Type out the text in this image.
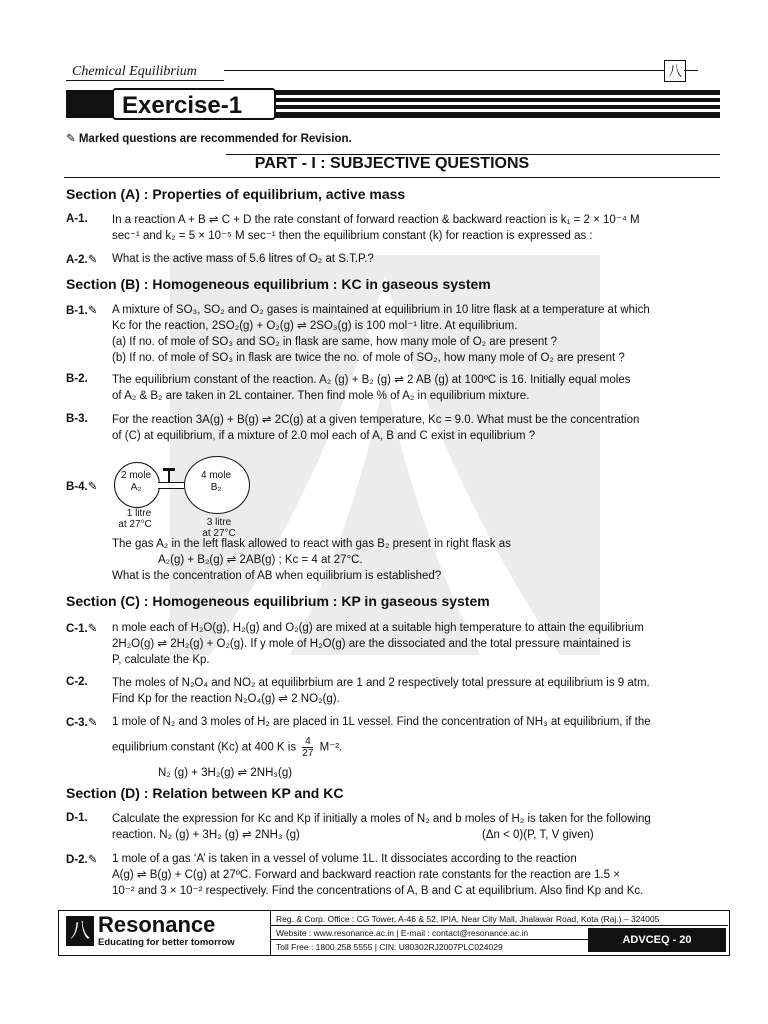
Chemical Equilibrium	八
Exercise-1
✎ Marked questions are recommended for Revision.
PART - I : SUBJECTIVE QUESTIONS
Section (A) : Properties of equilibrium, active mass
A-1. In a reaction A + B ⇌ C + D the rate constant of forward reaction & backward reaction is k₁ = 2 × 10⁻⁴ M
sec⁻¹ and k₂ = 5 × 10⁻⁵ M sec⁻¹ then the equilibrium constant (k) for reaction is expressed as :
A-2.✎ What is the active mass of 5.6 litres of O₂ at S.T.P.?
Section (B) : Homogeneous equilibrium : KC in gaseous system
B-1.✎ A mixture of SO₃, SO₂ and O₂ gases is maintained at equilibrium in 10 litre flask at a temperature at which
Kc for the reaction, 2SO₂(g) + O₂(g) ⇌ 2SO₃(g) is 100 mol⁻¹ litre. At equilibrium.
(a) If no. of mole of SO₃ and SO₂ in flask are same, how many mole of O₂ are present ?
(b) If no. of mole of SO₃ in flask are twice the no. of mole of SO₂, how many mole of O₂ are present ?
B-2. The equilibrium constant of the reaction. A₂ (g) + B₂ (g) ⇌ 2 AB (g) at 100ºC is 16. Initially equal moles
of A₂ & B₂ are taken in 2L container. Then find mole % of A₂ in equilibrium mixture.
B-3. For the reaction 3A(g) + B(g) ⇌ 2C(g) at a given temperature, Kc = 9.0. What must be the concentration
of (C) at equilibrium, if a mixture of 2.0 mol each of A, B and C exist in equilibrium ?
B-4.✎
2 mole
A₂
4 mole
B₂
1 litre
at 27°C	3 litre
at 27°C
The gas A₂ in the left flask allowed to react with gas B₂ present in right flask as
A₂(g) + B₂(g) ⇌ 2AB(g) ; Kc = 4 at 27°C.
What is the concentration of AB when equilibrium is established?
Section (C) : Homogeneous equilibrium : KP in gaseous system
C-1.✎ n mole each of H₂O(g), H₂(g) and O₂(g) are mixed at a suitable high temperature to attain the equilibrium
2H₂O(g) ⇌ 2H₂(g) + O₂(g). If y mole of H₂O(g) are the dissociated and the total pressure maintained is
P, calculate the Kp.
C-2. The moles of N₂O₄ and NO₂ at equilibrbium are 1 and 2 respectively total pressure at equilibrium is 9 atm.
Find Kp for the reaction N₂O₄(g) ⇌ 2 NO₂(g).
C-3.✎ 1 mole of N₂ and 3 moles of H₂ are placed in 1L vessel. Find the concentration of NH₃ at equilibrium, if the
equilibrium constant (Kc) at 400 K is $\frac{4}{27} M^{-2}$.
N₂ (g) + 3H₂(g) ⇌ 2NH₃(g)
Section (D) : Relation between KP and KC
D-1. Calculate the expression for Kc and Kp if initially a moles of N₂ and b moles of H₂ is taken for the following
reaction. N₂ (g) + 3H₂ (g) ⇌ 2NH₃ (g)	(Δn < 0)(P, T, V given)
D-2.✎ 1 mole of a gas ‘A’ is taken in a vessel of volume 1L. It dissociates according to the reaction
A(g) ⇌ B(g) + C(g) at 27ºC. Forward and backward reaction rate constants for the reaction are 1.5 ×
10⁻² and 3 × 10⁻² respectively. Find the concentrations of A, B and C at equilibrium. Also find Kp and Kc.
八 Resonance
Educating for better tomorrow
Reg. & Corp. Office : CG Tower, A-46 & 52, IPIA, Near City Mall, Jhalawar Road, Kota (Raj.) – 324005
Website : www.resonance.ac.in | E-mail : contact@resonance.ac.in
Toll Free : 1800 258 5555 | CIN: U80302RJ2007PLC024029
ADVCEQ - 20
